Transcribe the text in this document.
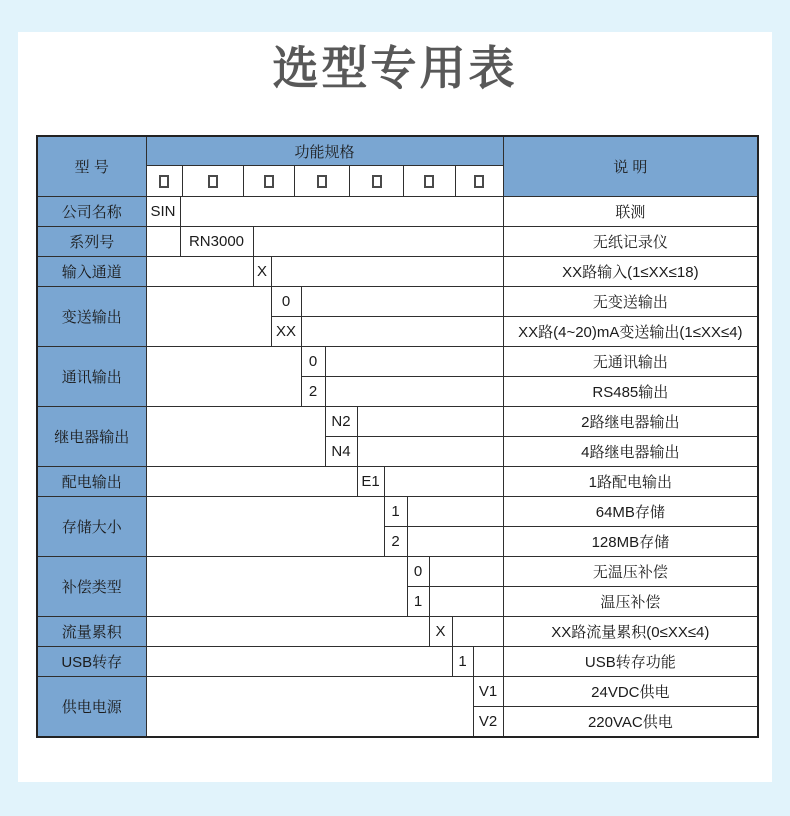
选型专用表
型 号	功能规格												说 明

公司名称	SIN												联测
系列号		RN3000											无纸记录仪
输入通道			X										XX路输入(1≤XX≤18)
变送输出				0									无变送输出
				XX									XX路(4~20)mA变送输出(1≤XX≤4)
通讯输出					0								无通讯输出
					2								RS485输出
继电器输出						N2							2路继电器输出
						N4							4路继电器输出
配电输出							E1						1路配电输出
存储大小								1					64MB存储
								2					128MB存储
补偿类型									0				无温压补偿
									1				温压补偿
流量累积										X			XX路流量累积(0≤XX≤4)
USB转存											1		USB转存功能
供电电源												V1	24VDC供电
												V2	220VAC供电
